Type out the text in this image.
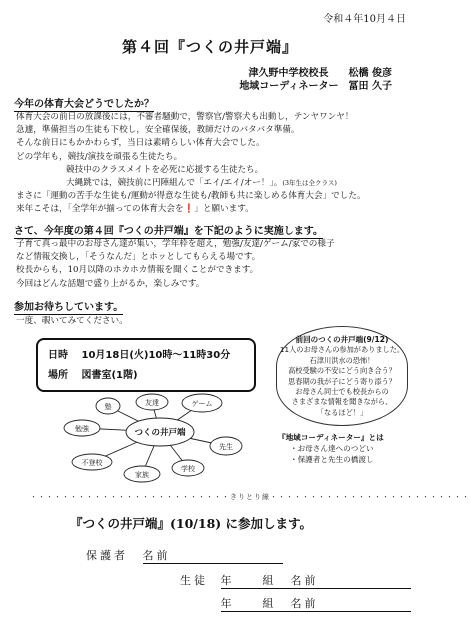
令和４年10月４日
第４回『つくの井戸端』
津久野中学校校長　　松橋 俊彦
地域コーディネーター　冨田 久子
今年の体育大会どうでしたか？
体育大会の前日の放課後には，不審者騒動で，警察官/警察犬も出動し，テンヤワンヤ！
急遽，準備担当の生徒も下校し，安全確保後，教師だけのバタバタ準備。
そんな前日にもかかわらず，当日は素晴らしい体育大会でした。
どの学年も，競技/演技を頑張る生徒たち。
競技中のクラスメイトを必死に応援する生徒たち。
大縄跳では，競技前に円陣組んで「エイ/エイ/オー！」。(3年生は全クラス)
まさに「運動の苦手な生徒も/運動が得意な生徒も/教師も共に楽しめる体育大会」でした。
来年こそは，「全学年が揃っての体育大会を❗」と願います。
さて、今年度の第４回『つくの井戸端』を下記のように実施します。
子育て真っ最中のお母さん達が集い，学年枠を超え，勉強/友達/ゲーム/家での様子
など情報交換し，「そうなんだ」とホッとしてもらえる場です。
校長からも，10月以降のホカホカ情報を聞くことができます。
今回はどんな話題で盛り上がるか，楽しみです。
参加お待ちしています。
一度、覗いてみてください。
日時 10月18日(火)10時〜11時30分
場所 図書室(1階)
塾	友達	ゲーム
勉強
先生
不登校
家族
学校
つくの井戸端
前回のつくの井戸端(9/12)
11人のお母さんの参加がありました。
石津川洪水の恐怖！
高校受験の不安にどう向き合う？
思春期の我が子にどう寄り添う？
お母さん同士でも校長からの
さまざまな情報を聞きながら、
「なるほど！」
『地域コーディネーター』とは
・お母さん達へのつどい
・保護者と先生の橋渡し
・・・・・・・・・・・・・・・・・・・・・・・・・きりとり線・・・・・・・・・・・・・・・・・・・・・・・・・
『つくの井戸端』(10/18) に参加します。
保護者 名前
生徒 年　　	組　 名前
年　　	組　 名前
